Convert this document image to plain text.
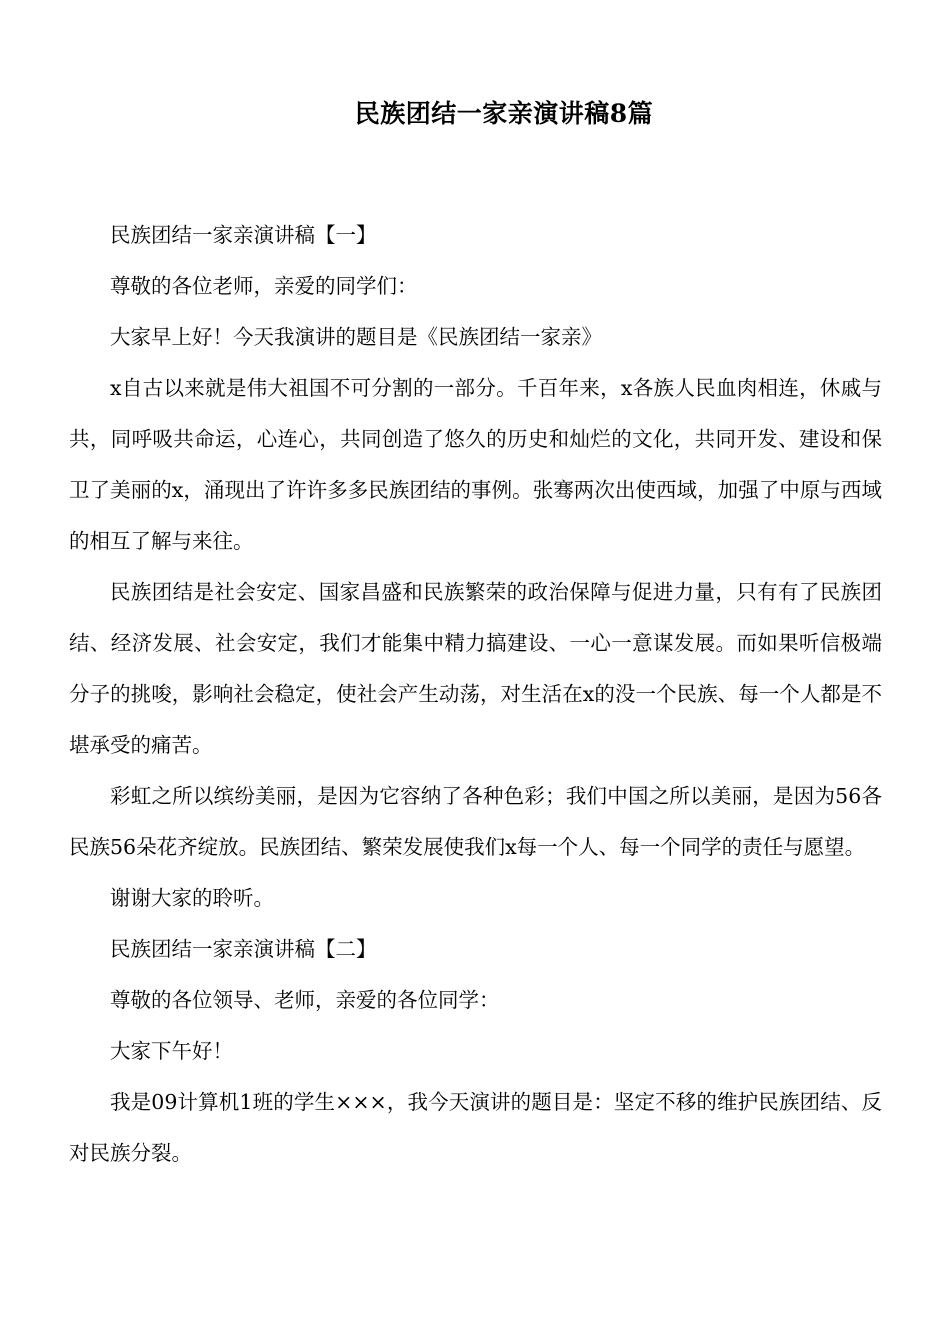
民族团结一家亲演讲稿8篇

民族团结一家亲演讲稿【一】

尊敬的各位老师，亲爱的同学们：

大家早上好！今天我演讲的题目是《民族团结一家亲》

x自古以来就是伟大祖国不可分割的一部分。千百年来，x各族人民血肉相连，休戚与共，同呼吸共命运，心连心，共同创造了悠久的历史和灿烂的文化，共同开发、建设和保卫了美丽的x，涌现出了许许多多民族团结的事例。张骞两次出使西域，加强了中原与西域的相互了解与来往。

民族团结是社会安定、国家昌盛和民族繁荣的政治保障与促进力量，只有有了民族团结、经济发展、社会安定，我们才能集中精力搞建设、一心一意谋发展。而如果听信极端分子的挑唆，影响社会稳定，使社会产生动荡，对生活在x的没一个民族、每一个人都是不堪承受的痛苦。

彩虹之所以缤纷美丽，是因为它容纳了各种色彩；我们中国之所以美丽，是因为56各民族56朵花齐绽放。民族团结、繁荣发展使我们x每一个人、每一个同学的责任与愿望。

谢谢大家的聆听。

民族团结一家亲演讲稿【二】

尊敬的各位领导、老师，亲爱的各位同学：

大家下午好！

我是09计算机1班的学生×××，我今天演讲的题目是：坚定不移的维护民族团结、反对民族分裂。
